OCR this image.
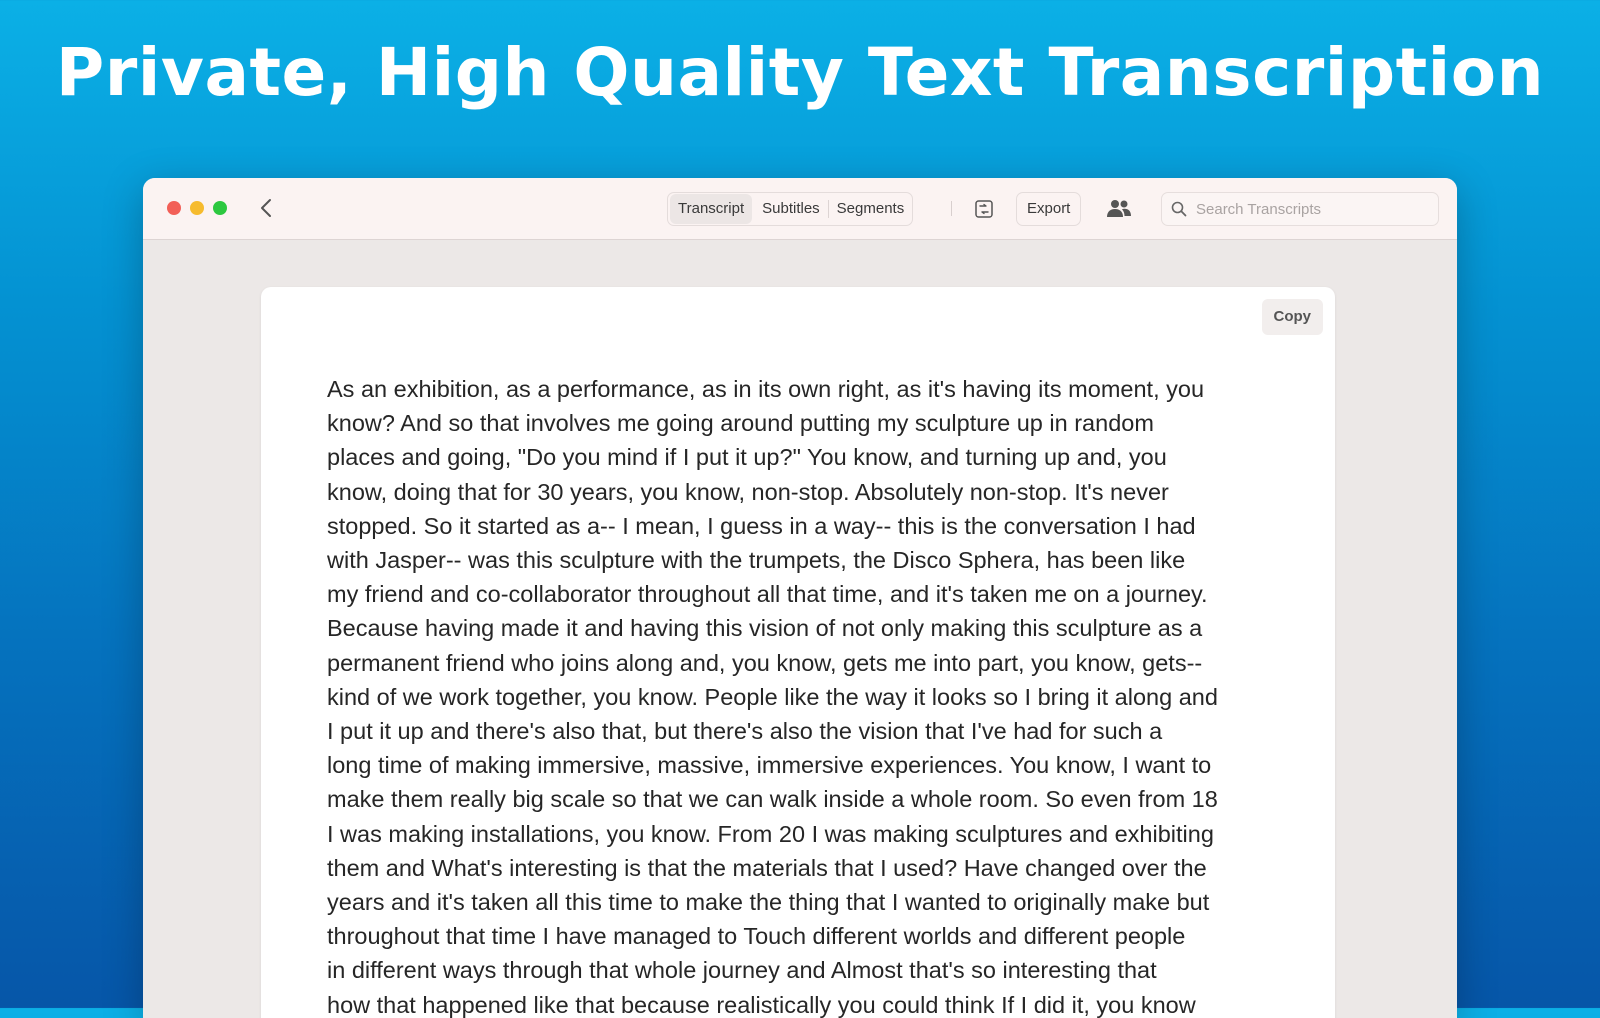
Private, High Quality Text Transcription
Transcript	Subtitles	Segments	Export
Search Transcripts
Copy
As an exhibition, as a performance, as in its own right, as it's having its moment, you
know? And so that involves me going around putting my sculpture up in random
places and going, "Do you mind if I put it up?" You know, and turning up and, you
know, doing that for 30 years, you know, non-stop. Absolutely non-stop. It's never
stopped. So it started as a-- I mean, I guess in a way-- this is the conversation I had
with Jasper-- was this sculpture with the trumpets, the Disco Sphera, has been like
my friend and co-collaborator throughout all that time, and it's taken me on a journey.
Because having made it and having this vision of not only making this sculpture as a
permanent friend who joins along and, you know, gets me into part, you know, gets--
kind of we work together, you know. People like the way it looks so I bring it along and
I put it up and there's also that, but there's also the vision that I've had for such a
long time of making immersive, massive, immersive experiences. You know, I want to
make them really big scale so that we can walk inside a whole room. So even from 18
I was making installations, you know. From 20 I was making sculptures and exhibiting
them and What's interesting is that the materials that I used? Have changed over the
years and it's taken all this time to make the thing that I wanted to originally make but
throughout that time I have managed to Touch different worlds and different people
in different ways through that whole journey and Almost that's so interesting that
how that happened like that because realistically you could think If I did it, you know
